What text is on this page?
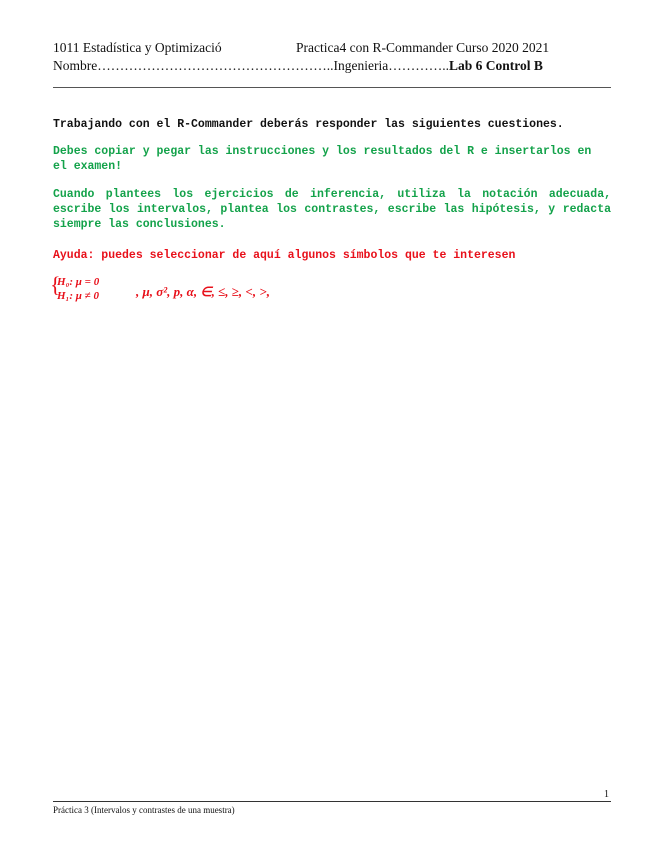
1011 Estadística y Optimizació	Practica4 con R-Commander Curso 2020 2021
Nombre……………………………………………..Ingenieria…………..Lab 6 Control B
Trabajando con el R-Commander deberás responder las siguientes cuestiones.
Debes copiar y pegar las instrucciones y los resultados del R e insertarlos en el examen!
Cuando plantees los ejercicios de inferencia, utiliza la notación adecuada, escribe los intervalos, plantea los contrastes, escribe las hipótesis, y redacta siempre las conclusiones.
Ayuda: puedes seleccionar de aquí algunos símbolos que te interesen
{
H₀: μ = 0
H₁: μ ≠ 0	, μ, σ², p, α, ∈, ≤, ≥, <, >,
1
Práctica 3 (Intervalos y contrastes de una muestra)
